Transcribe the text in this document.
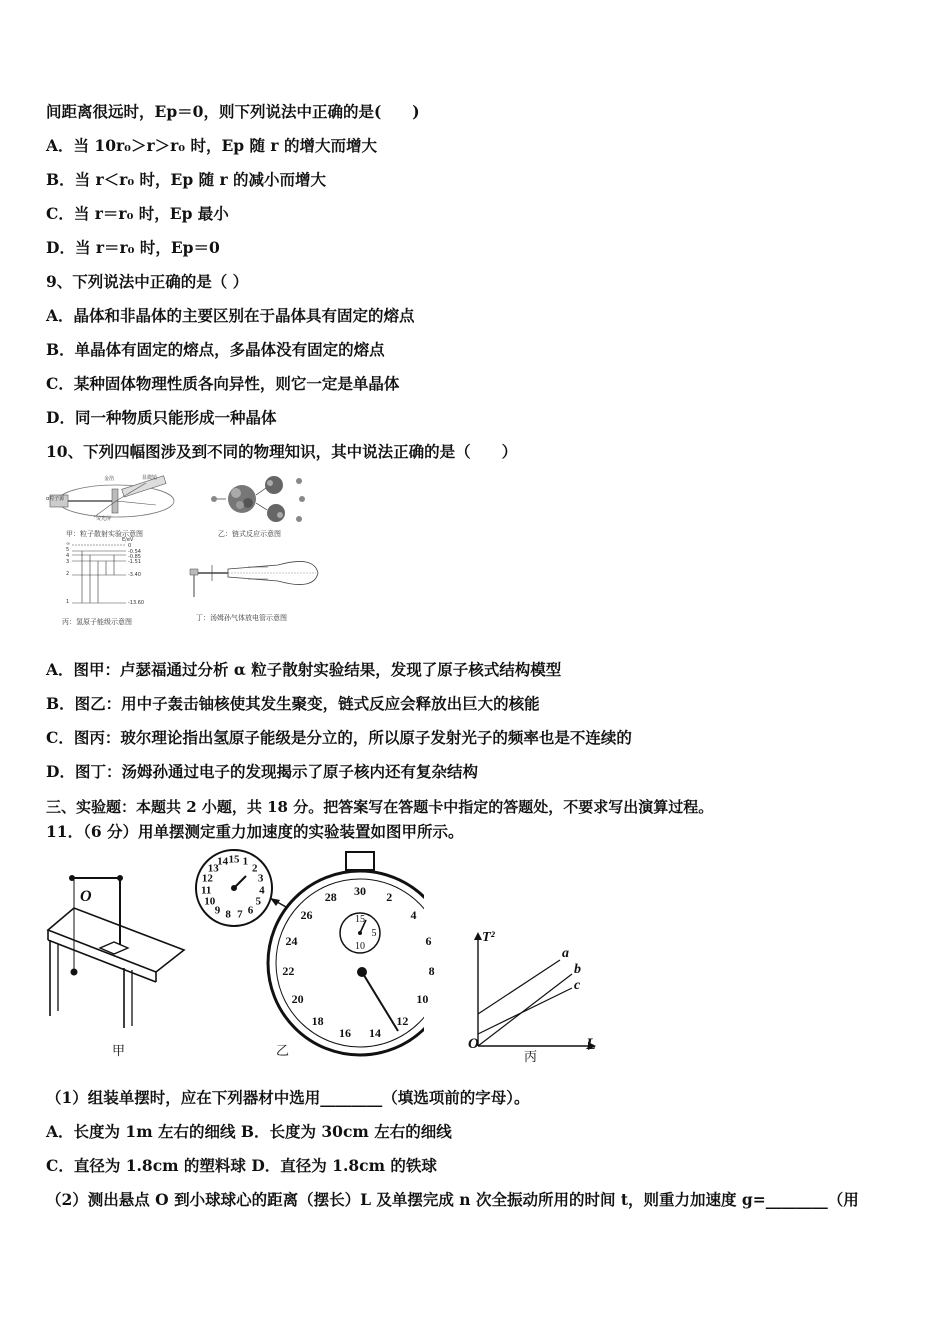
间距离很远时，Ep＝0，则下列说法中正确的是(　　)
A．当 10r₀＞r＞r₀ 时，Ep 随 r 的增大而增大
B．当 r＜r₀ 时，Ep 随 r 的减小而增大
C．当 r＝r₀ 时，Ep 最小
D．当 r＝r₀ 时，Ep＝0
9、下列说法中正确的是（ ）
A．晶体和非晶体的主要区别在于晶体具有固定的熔点
B．单晶体有固定的熔点，多晶体没有固定的熔点
C．某种固体物理性质各向异性，则它一定是单晶体
D．同一种物质只能形成一种晶体
10、下列四幅图涉及到不同的物理知识，其中说法正确的是（　　）
α粒子源
金箔
荧光屏
显微镜
甲：粒子散射实验示意图	乙：链式反应示意图
E/eV
∞
5
4
3
2
1
0
-0.54
-0.85
-1.51
-3.40
-13.60
丙：氢原子能级示意图	丁：汤姆孙气体放电管示意图
A．图甲：卢瑟福通过分析 α 粒子散射实验结果，发现了原子核式结构模型
B．图乙：用中子轰击铀核使其发生聚变，链式反应会释放出巨大的核能
C．图丙：玻尔理论指出氢原子能级是分立的，所以原子发射光子的频率也是不连续的
D．图丁：汤姆孙通过电子的发现揭示了原子核内还有复杂结构
三、实验题：本题共 2 小题，共 18 分。把答案写在答题卡中指定的答题处，不要求写出演算过程。
11．（6 分）用单摆测定重力加速度的实验装置如图甲所示。
O
甲
1
2
3
4
5
6
7
8
9
10
11
12
13
14 15
30 2
4
6
8
10
12
14
16
18
20
22
24
26
28
15
5
10
乙
T²
L
O
a
b
c
丙
（1）组装单摆时，应在下列器材中选用________（填选项前的字母）。
A．长度为 1m 左右的细线 B．长度为 30cm 左右的细线
C．直径为 1.8cm 的塑料球 D．直径为 1.8cm 的铁球
（2）测出悬点 O 到小球球心的距离（摆长）L 及单摆完成 n 次全振动所用的时间 t，则重力加速度 g=________（用
